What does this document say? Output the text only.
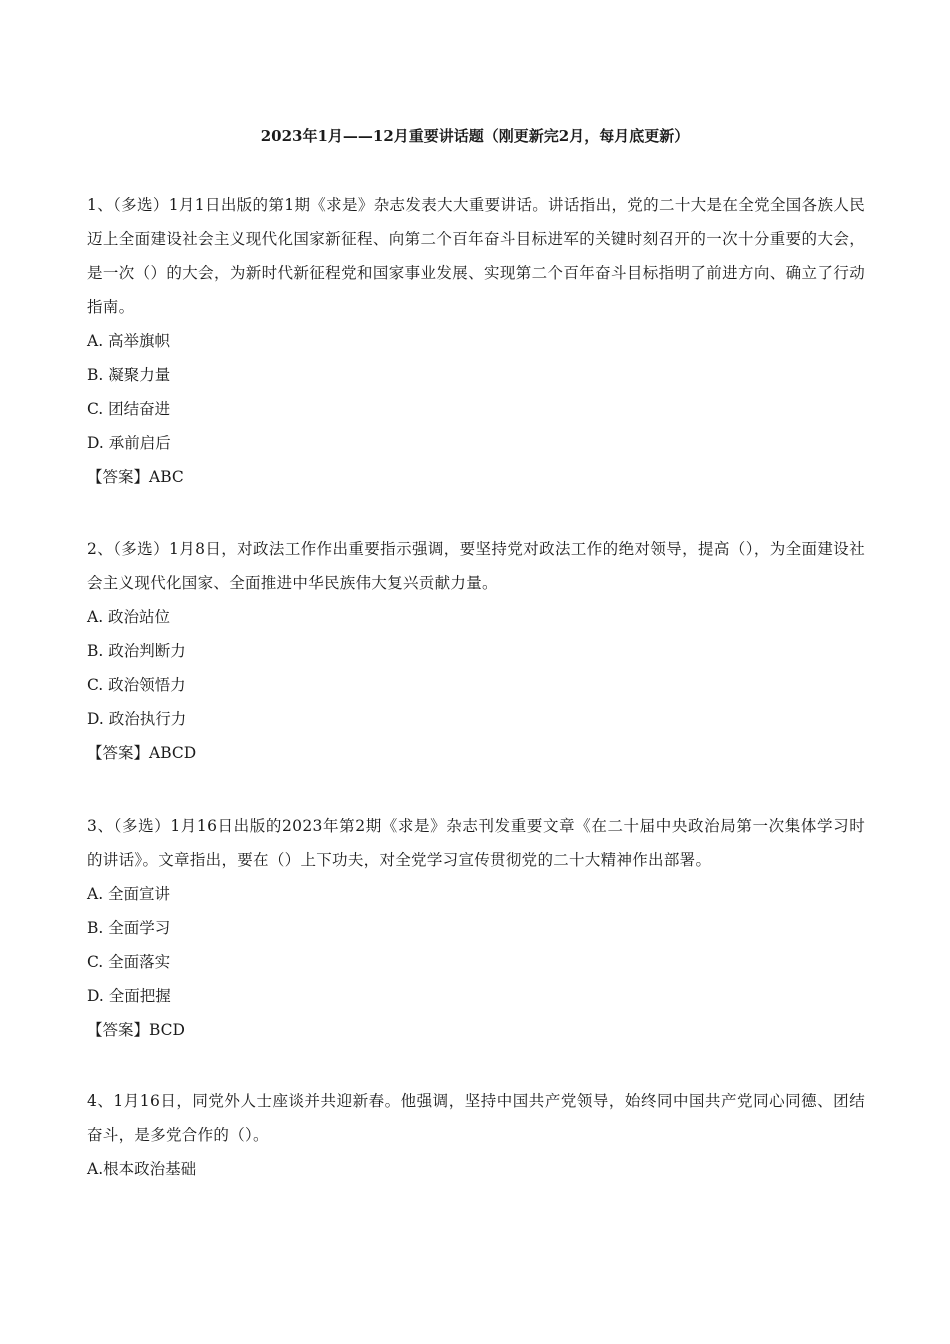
2023年1月——12月重要讲话题（刚更新完2月，每月底更新）

1、（多选）1月1日出版的第1期《求是》杂志发表大大重要讲话。讲话指出，党的二十大是在全党全国各族人民迈上全面建设社会主义现代化国家新征程、向第二个百年奋斗目标进军的关键时刻召开的一次十分重要的大会，是一次（）的大会，为新时代新征程党和国家事业发展、实现第二个百年奋斗目标指明了前进方向、确立了行动指南。

A. 高举旗帜

B. 凝聚力量

C. 团结奋进

D. 承前启后

【答案】ABC

2、（多选）1月8日，对政法工作作出重要指示强调，要坚持党对政法工作的绝对领导，提高（），为全面建设社会主义现代化国家、全面推进中华民族伟大复兴贡献力量。

A. 政治站位

B. 政治判断力

C. 政治领悟力

D. 政治执行力

【答案】ABCD

3、（多选）1月16日出版的2023年第2期《求是》杂志刊发重要文章《在二十届中央政治局第一次集体学习时的讲话》。文章指出，要在（）上下功夫，对全党学习宣传贯彻党的二十大精神作出部署。

A. 全面宣讲

B. 全面学习

C. 全面落实

D. 全面把握

【答案】BCD

4、1月16日，同党外人士座谈并共迎新春。他强调，坚持中国共产党领导，始终同中国共产党同心同德、团结奋斗，是多党合作的（）。

A.根本政治基础
